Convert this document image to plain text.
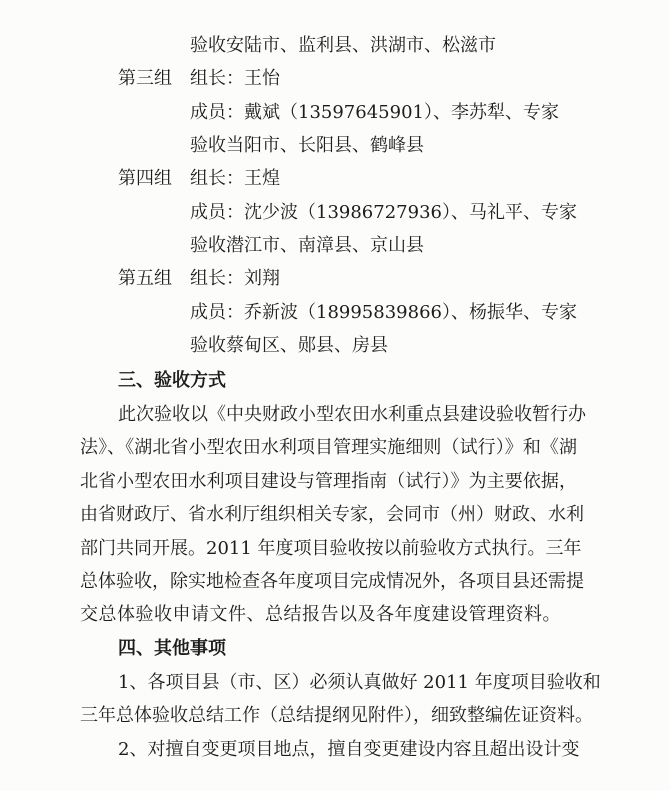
验收安陆市、监利县、洪湖市、松滋市
第三组　组长：王怡
成员：戴斌（13597645901）、李苏犁、专家
验收当阳市、长阳县、鹤峰县
第四组　组长：王煌
成员：沈少波（13986727936）、马礼平、专家
验收潜江市、南漳县、京山县
第五组　组长：刘翔
成员：乔新波（18995839866）、杨振华、专家
验收蔡甸区、郧县、房县
三、验收方式
此次验收以《中央财政小型农田水利重点县建设验收暂行办
法》、《湖北省小型农田水利项目管理实施细则（试行）》和《湖
北省小型农田水利项目建设与管理指南（试行）》为主要依据，
由省财政厅、省水利厅组织相关专家，会同市（州）财政、水利
部门共同开展。2011 年度项目验收按以前验收方式执行。三年
总体验收，除实地检查各年度项目完成情况外，各项目县还需提
交总体验收申请文件、总结报告以及各年度建设管理资料。
四、其他事项
1、各项目县（市、区）必须认真做好 2011 年度项目验收和
三年总体验收总结工作（总结提纲见附件），细致整编佐证资料。
2、对擅自变更项目地点，擅自变更建设内容且超出设计变
